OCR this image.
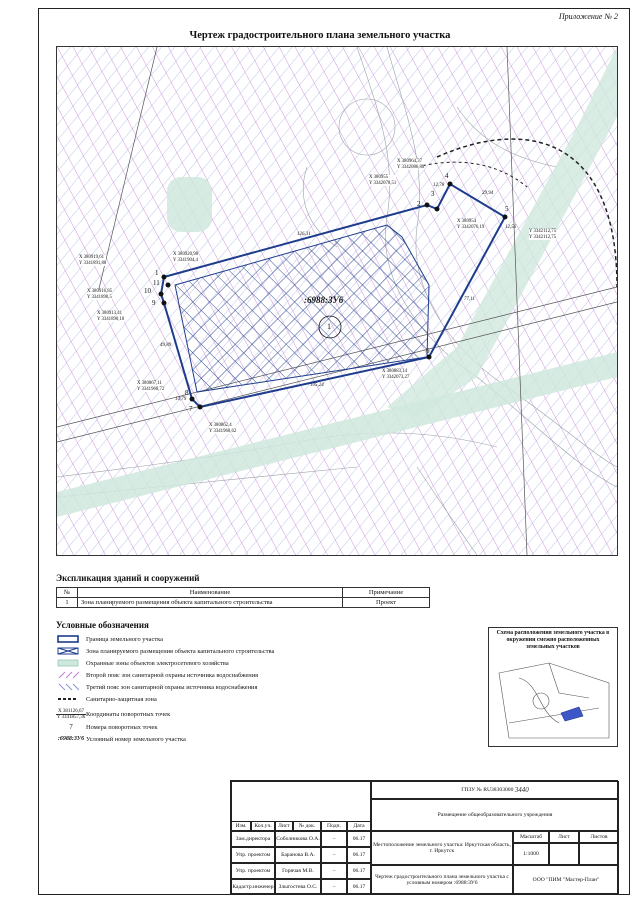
Приложение № 2
Чертеж градостроительного плана земельного участка
:6988:ЗУ6
1
1
2
3
4
5
6
7
8
9
10
11
126,31
12,78
29,94
12,56
77,11
105,24
14,79
49,89
X 380920,98
Y 3341904,4
X 380955
Y 3342078,51
X 380964,37
Y 3342086,88
X 380954
Y 3342076,19
Y 3342112,75
Y 3342112,75
X 380919,61
Y 3341891,88
X 380916,85
Y 3341890,5
X 380913,41
Y 3341890,18
X 380867,11
Y 3341968,72
X 380862,4
Y 3341960,62
X 380883,14
Y 3342073,27
Экспликация зданий и сооружений
№	Наименование	Примечание
1	Зона планируемого размещения объекта капитального строительства	Проект
Условные обозначения
Граница земельного участка
Зона планируемого размещения объекта капитального строительства
Охранные зоны объектов электросетевого хозяйства
Второй пояс зон санитарной охраны источника водоснабжения
Третий пояс зон санитарной охраны источника водоснабжения
Санитарно-защитная зона
X 381126,67
Y 3341857,36 Координаты поворотных точек
7	Номера поворотных точек
:6988:ЗУ6 Условный номер земельного участка
Схема расположения земельного участка в окружении смежно расположенных земельных участков
ГПЗУ № RU38303000
3440
Размещение общеобразовательного учреждения
Местоположение земельного участка: Иркутская область, г. Иркутск
Масштаб	Лист	Листов
1:1000
Чертеж градостроительного плана земельного участка с условным номером :6988:ЗУ6
ООО "ПИМ "Мастер-План"
Изм.	Кол.уч.	Лист	№ док.	Подп.	Дата
Зам.директора	Соболникова О.А.	~	06.17
Упр. проектом	Баранова В.А.	~	06.17
Упр. проектом	Горячая М.В.	~	06.17
Кадастр.инженер Злыгостева О.С.	~	06.17
